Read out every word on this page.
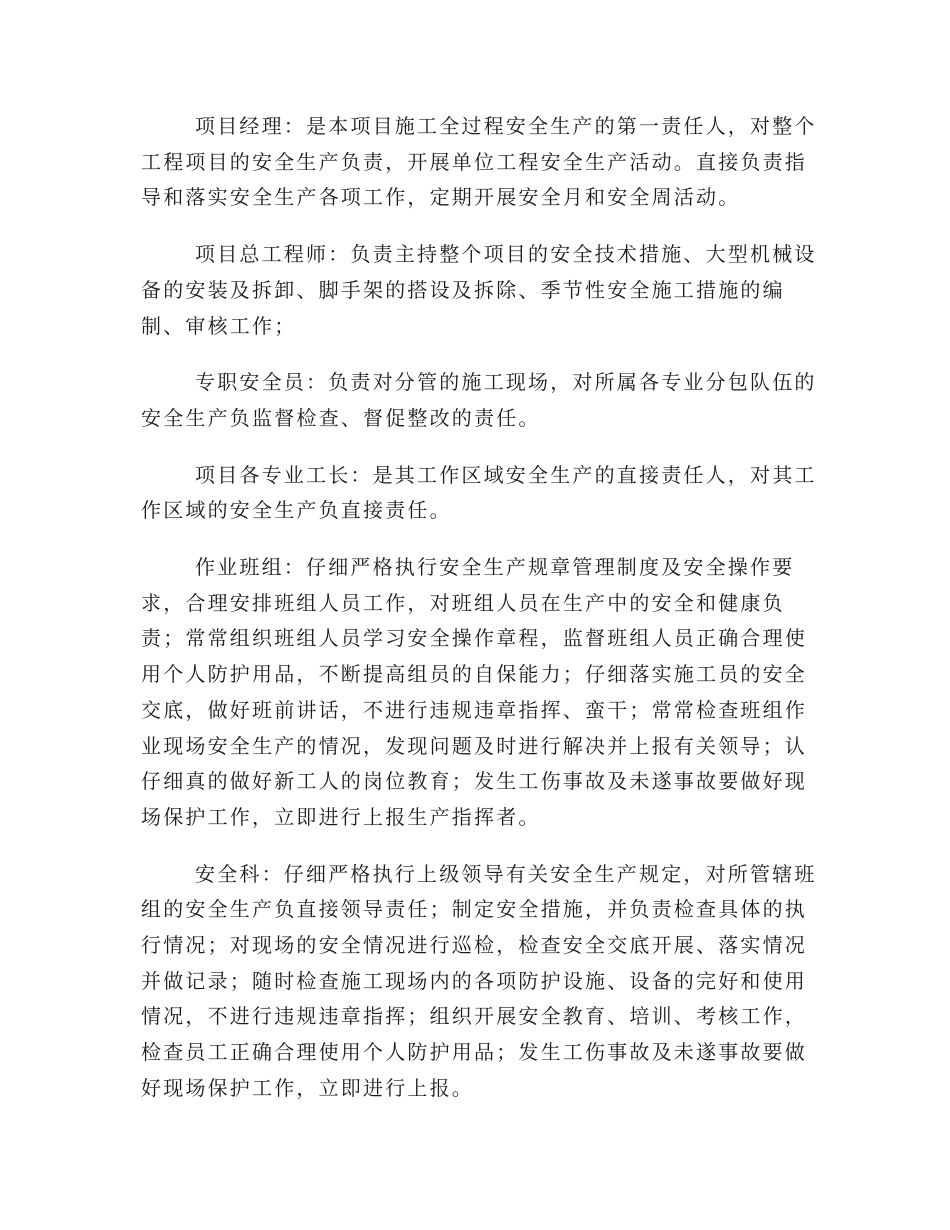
项目经理：是本项目施工全过程安全生产的第一责任人，对整个
工程项目的安全生产负责，开展单位工程安全生产活动。直接负责指
导和落实安全生产各项工作，定期开展安全月和安全周活动。

项目总工程师：负责主持整个项目的安全技术措施、大型机械设
备的安装及拆卸、脚手架的搭设及拆除、季节性安全施工措施的编
制、审核工作；

专职安全员：负责对分管的施工现场，对所属各专业分包队伍的
安全生产负监督检查、督促整改的责任。

项目各专业工长：是其工作区域安全生产的直接责任人，对其工
作区域的安全生产负直接责任。

作业班组：仔细严格执行安全生产规章管理制度及安全操作要
求，合理安排班组人员工作，对班组人员在生产中的安全和健康负
责；常常组织班组人员学习安全操作章程，监督班组人员正确合理使
用个人防护用品，不断提高组员的自保能力；仔细落实施工员的安全
交底，做好班前讲话，不进行违规违章指挥、蛮干；常常检查班组作
业现场安全生产的情况，发现问题及时进行解决并上报有关领导；认
仔细真的做好新工人的岗位教育；发生工伤事故及未遂事故要做好现
场保护工作，立即进行上报生产指挥者。

安全科：仔细严格执行上级领导有关安全生产规定，对所管辖班
组的安全生产负直接领导责任；制定安全措施，并负责检查具体的执
行情况；对现场的安全情况进行巡检，检查安全交底开展、落实情况
并做记录；随时检查施工现场内的各项防护设施、设备的完好和使用
情况，不进行违规违章指挥；组织开展安全教育、培训、考核工作，
检查员工正确合理使用个人防护用品；发生工伤事故及未遂事故要做
好现场保护工作，立即进行上报。
